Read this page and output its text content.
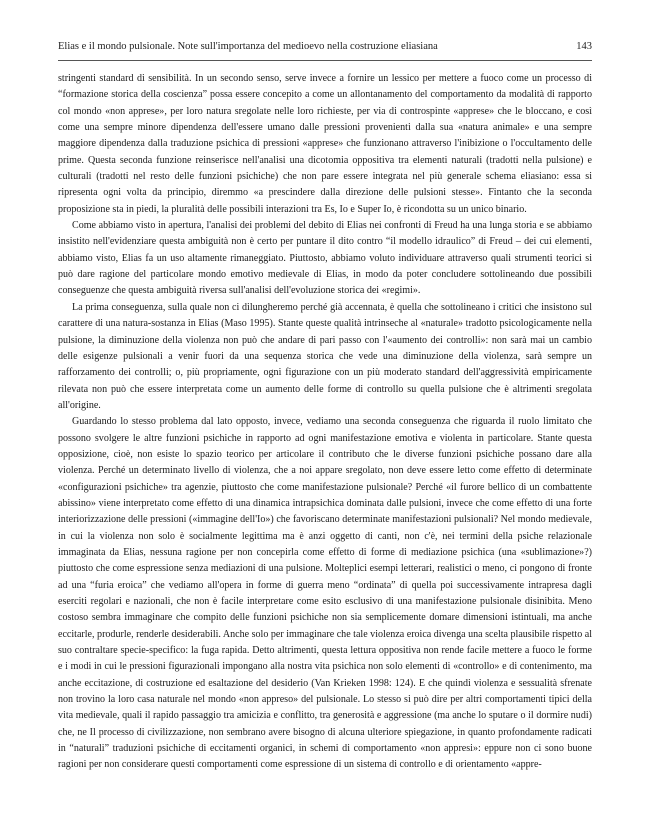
Elias e il mondo pulsionale. Note sull'importanza del medioevo nella costruzione eliasiana	143

stringenti standard di sensibilità. In un secondo senso, serve invece a fornire un lessico per mettere a fuoco come un processo di “formazione storica della coscienza” possa essere concepito a come un allontanamento del comportamento da modalità di rapporto col mondo «non apprese», per loro natura sregolate nelle loro richieste, per via di controspinte «apprese» che le bloccano, e così come una sempre minore dipendenza dell'essere umano dalle pressioni provenienti dalla sua «natura animale» e una sempre maggiore dipendenza dalla traduzione psichica di pressioni «apprese» che funzionano attraverso l'inibizione o l'occultamento delle prime. Questa seconda funzione reinserisce nell'analisi una dicotomia oppositiva tra elementi naturali (tradotti nella pulsione) e culturali (tradotti nel resto delle funzioni psichiche) che non pare essere integrata nel più generale schema eliasiano: essa si ripresenta ogni volta da principio, diremmo «a prescindere dalla direzione delle pulsioni stesse». Fintanto che la seconda proposizione sta in piedi, la pluralità delle possibili interazioni tra Es, Io e Super Io, è ricondotta su un unico binario.

Come abbiamo visto in apertura, l'analisi dei problemi del debito di Elias nei confronti di Freud ha una lunga storia e se abbiamo insistito nell'evidenziare questa ambiguità non è certo per puntare il dito contro “il modello idraulico” di Freud – dei cui elementi, abbiamo visto, Elias fa un uso altamente rimaneggiato. Piuttosto, abbiamo voluto individuare attraverso quali strumenti teorici si può dare ragione del particolare mondo emotivo medievale di Elias, in modo da poter concludere sottolineando due possibili conseguenze che questa ambiguità riversa sull'analisi dell'evoluzione storica dei «regimi».

La prima conseguenza, sulla quale non ci dilungheremo perché già accennata, è quella che sottolineano i critici che insistono sul carattere di una natura-sostanza in Elias (Maso 1995). Stante queste qualità intrinseche al «naturale» tradotto psicologicamente nella pulsione, la diminuzione della violenza non può che andare di pari passo con l'«aumento dei controlli»: non sarà mai un cambio delle esigenze pulsionali a venir fuori da una sequenza storica che vede una diminuzione della violenza, sarà sempre un rafforzamento dei controlli; o, più propriamente, ogni figurazione con un più moderato standard dell'aggressività empiricamente rilevata non può che essere interpretata come un aumento delle forme di controllo su quella pulsione che è altrimenti sregolata all'origine.

Guardando lo stesso problema dal lato opposto, invece, vediamo una seconda conseguenza che riguarda il ruolo limitato che possono svolgere le altre funzioni psichiche in rapporto ad ogni manifestazione emotiva e violenta in particolare. Stante questa opposizione, cioè, non esiste lo spazio teorico per articolare il contributo che le diverse funzioni psichiche possano dare alla violenza. Perché un determinato livello di violenza, che a noi appare sregolato, non deve essere letto come effetto di determinate «configurazioni psichiche» tra agenzie, piuttosto che come manifestazione pulsionale? Perché «il furore bellico di un combattente abissino» viene interpretato come effetto di una dinamica intrapsichica dominata dalle pulsioni, invece che come effetto di una forte interiorizzazione delle pressioni («immagine dell'Io») che favoriscano determinate manifestazioni pulsionali? Nel mondo medievale, in cui la violenza non solo è socialmente legittima ma è anzi oggetto di canti, non c'è, nei termini della psiche relazionale immaginata da Elias, nessuna ragione per non concepirla come effetto di forme di mediazione psichica (una «sublimazione»?) piuttosto che come espressione senza mediazioni di una pulsione. Molteplici esempi letterari, realistici o meno, ci pongono di fronte ad una “furia eroica” che vediamo all'opera in forme di guerra meno “ordinata” di quella poi successivamente intrapresa dagli eserciti regolari e nazionali, che non è facile interpretare come esito esclusivo di una manifestazione pulsionale disinibita. Meno costoso sembra immaginare che compito delle funzioni psichiche non sia semplicemente domare dimensioni istintuali, ma anche eccitarle, produrle, renderle desiderabili. Anche solo per immaginare che tale violenza eroica divenga una scelta plausibile rispetto al suo contraltare specie-specifico: la fuga rapida. Detto altrimenti, questa lettura oppositiva non rende facile mettere a fuoco le forme e i modi in cui le pressioni figurazionali impongano alla nostra vita psichica non solo elementi di «controllo» e di contenimento, ma anche eccitazione, di costruzione ed esaltazione del desiderio (Van Krieken 1998: 124). E che quindi violenza e sessualità sfrenate non trovino la loro casa naturale nel mondo «non appreso» del pulsionale. Lo stesso si può dire per altri comportamenti tipici della vita medievale, quali il rapido passaggio tra amicizia e conflitto, tra generosità e aggressione (ma anche lo sputare o il dormire nudi) che, ne Il processo di civilizzazione, non sembrano avere bisogno di alcuna ulteriore spiegazione, in quanto profondamente radicati in “naturali” traduzioni psichiche di eccitamenti organici, in schemi di comportamento «non appresi»: eppure non ci sono buone ragioni per non considerare questi comportamenti come espressione di un sistema di controllo e di orientamento «appre-
